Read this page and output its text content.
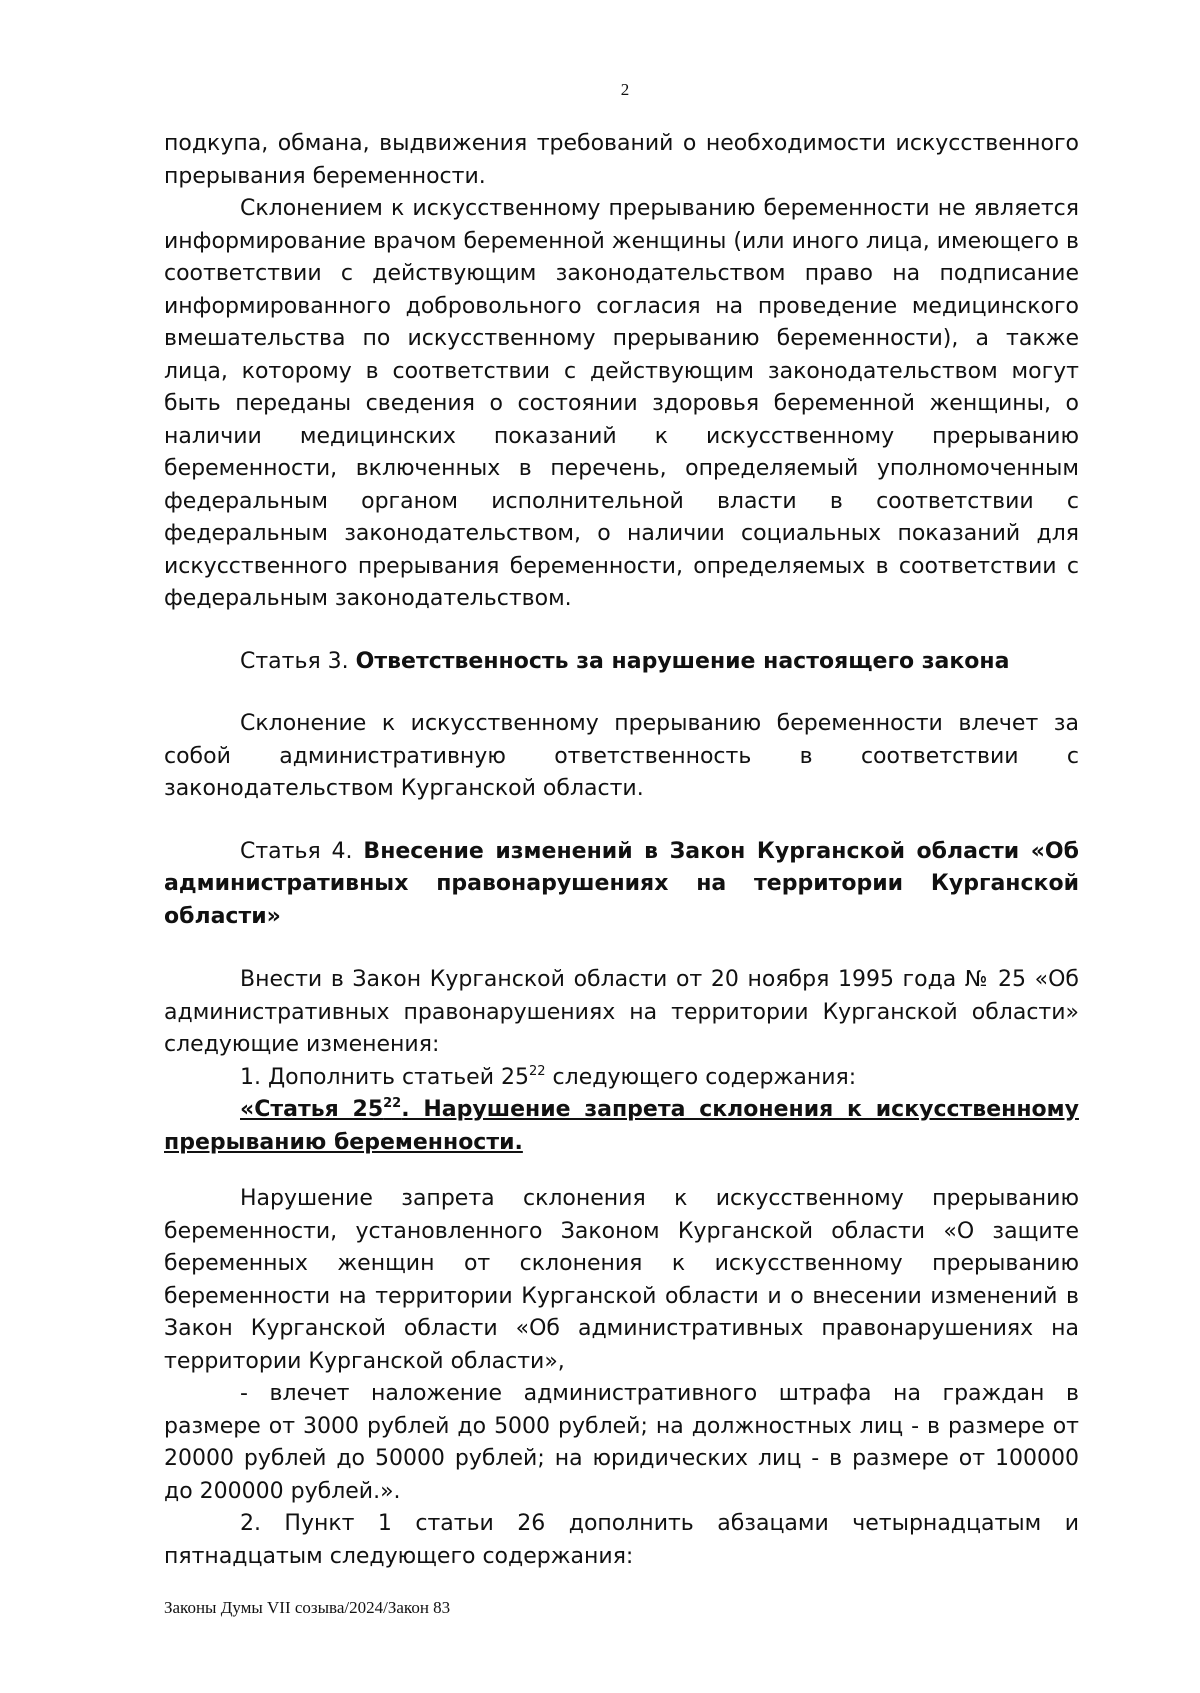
2

подкупа, обмана, выдвижения требований о необходимости искусственного прерывания беременности.

Склонением к искусственному прерыванию беременности не является информирование врачом беременной женщины (или иного лица, имеющего в соответствии с действующим законодательством право на подписание информированного добровольного согласия на проведение медицинского вмешательства по искусственному прерыванию беременности), а также лица, которому в соответствии с действующим законодательством могут быть переданы сведения о состоянии здоровья беременной женщины, о наличии медицинских показаний к искусственному прерыванию беременности, включенных в перечень, определяемый уполномоченным федеральным органом исполнительной власти в соответствии с федеральным законодательством, о наличии социальных показаний для искусственного прерывания беременности, определяемых в соответствии с федеральным законодательством.

Статья 3. Ответственность за нарушение настоящего закона

Склонение к искусственному прерыванию беременности влечет за собой административную ответственность в соответствии с законодательством Курганской области.

Статья 4. Внесение изменений в Закон Курганской области «Об административных правонарушениях на территории Курганской области»

Внести в Закон Курганской области от 20 ноября 1995 года № 25 «Об административных правонарушениях на территории Курганской области» следующие изменения:

1. Дополнить статьей $25^{22}$ следующего содержания:

«Статья $25^{22}$. Нарушение запрета склонения к искусственному прерыванию беременности.

Нарушение запрета склонения к искусственному прерыванию беременности, установленного Законом Курганской области «О защите беременных женщин от склонения к искусственному прерыванию беременности на территории Курганской области и о внесении изменений в Закон Курганской области «Об административных правонарушениях на территории Курганской области»,

- влечет наложение административного штрафа на граждан в размере от 3000 рублей до 5000 рублей; на должностных лиц - в размере от 20000 рублей до 50000 рублей; на юридических лиц - в размере от 100000 до 200000 рублей.».

2. Пункт 1 статьи 26 дополнить абзацами четырнадцатым и пятнадцатым следующего содержания:

Законы Думы VII созыва/2024/Закон 83
